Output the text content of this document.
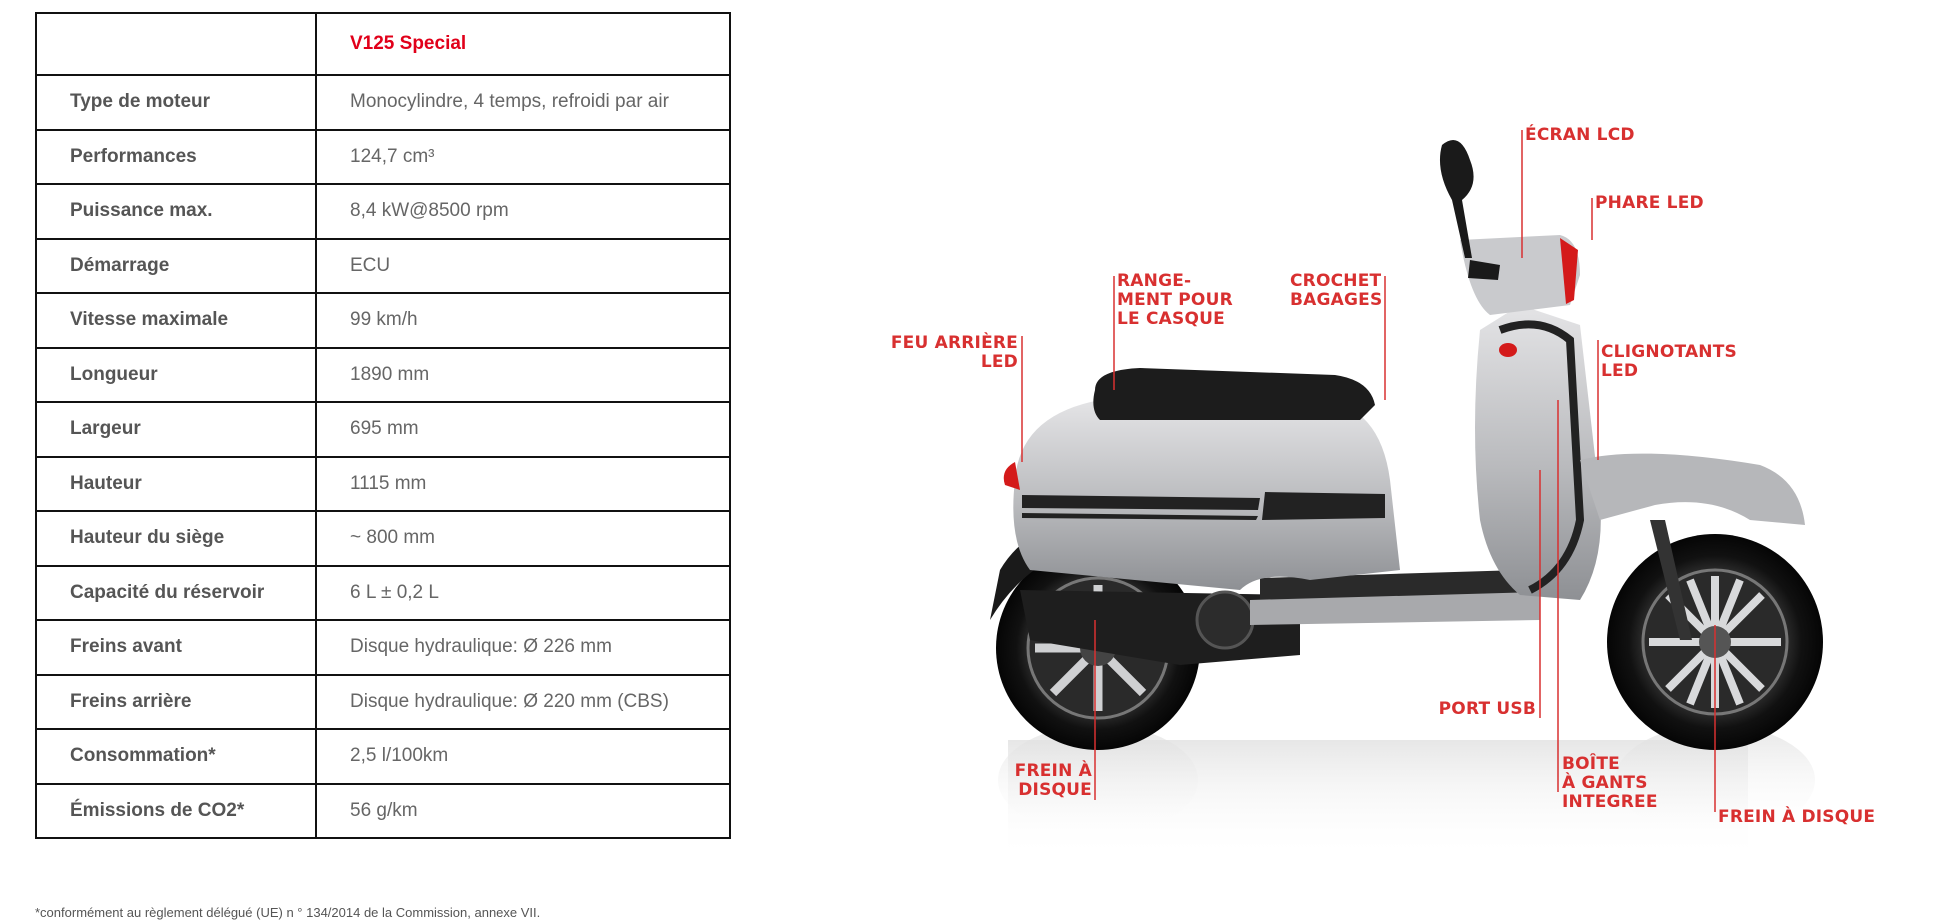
	V125 Special
Type de moteur	Monocylindre, 4 temps, refroidi par air
Performances	124,7 cm³
Puissance max.	8,4 kW@8500 rpm
Démarrage	ECU
Vitesse maximale	99 km/h
Longueur	1890 mm
Largeur	695 mm
Hauteur	1115 mm
Hauteur du siège	~ 800 mm
Capacité du réservoir	6 L ± 0,2 L
Freins avant	Disque hydraulique: Ø 226 mm
Freins arrière	Disque hydraulique: Ø 220 mm (CBS)
Consommation*	2,5 l/100km
Émissions de CO2*	56 g/km
*conformément au règlement délégué (UE) n ° 134/2014 de la Commission, annexe VII.
ÉCRAN LCD
PHARE LED
RANGE-
MENT POUR
LE CASQUE
CROCHET
BAGAGES
FEU ARRIÈRE
LED	CLIGNOTANTS
LED
PORT USB
FREIN À
DISQUE
BOÎTE
À GANTS
INTEGREE
FREIN À DISQUE
